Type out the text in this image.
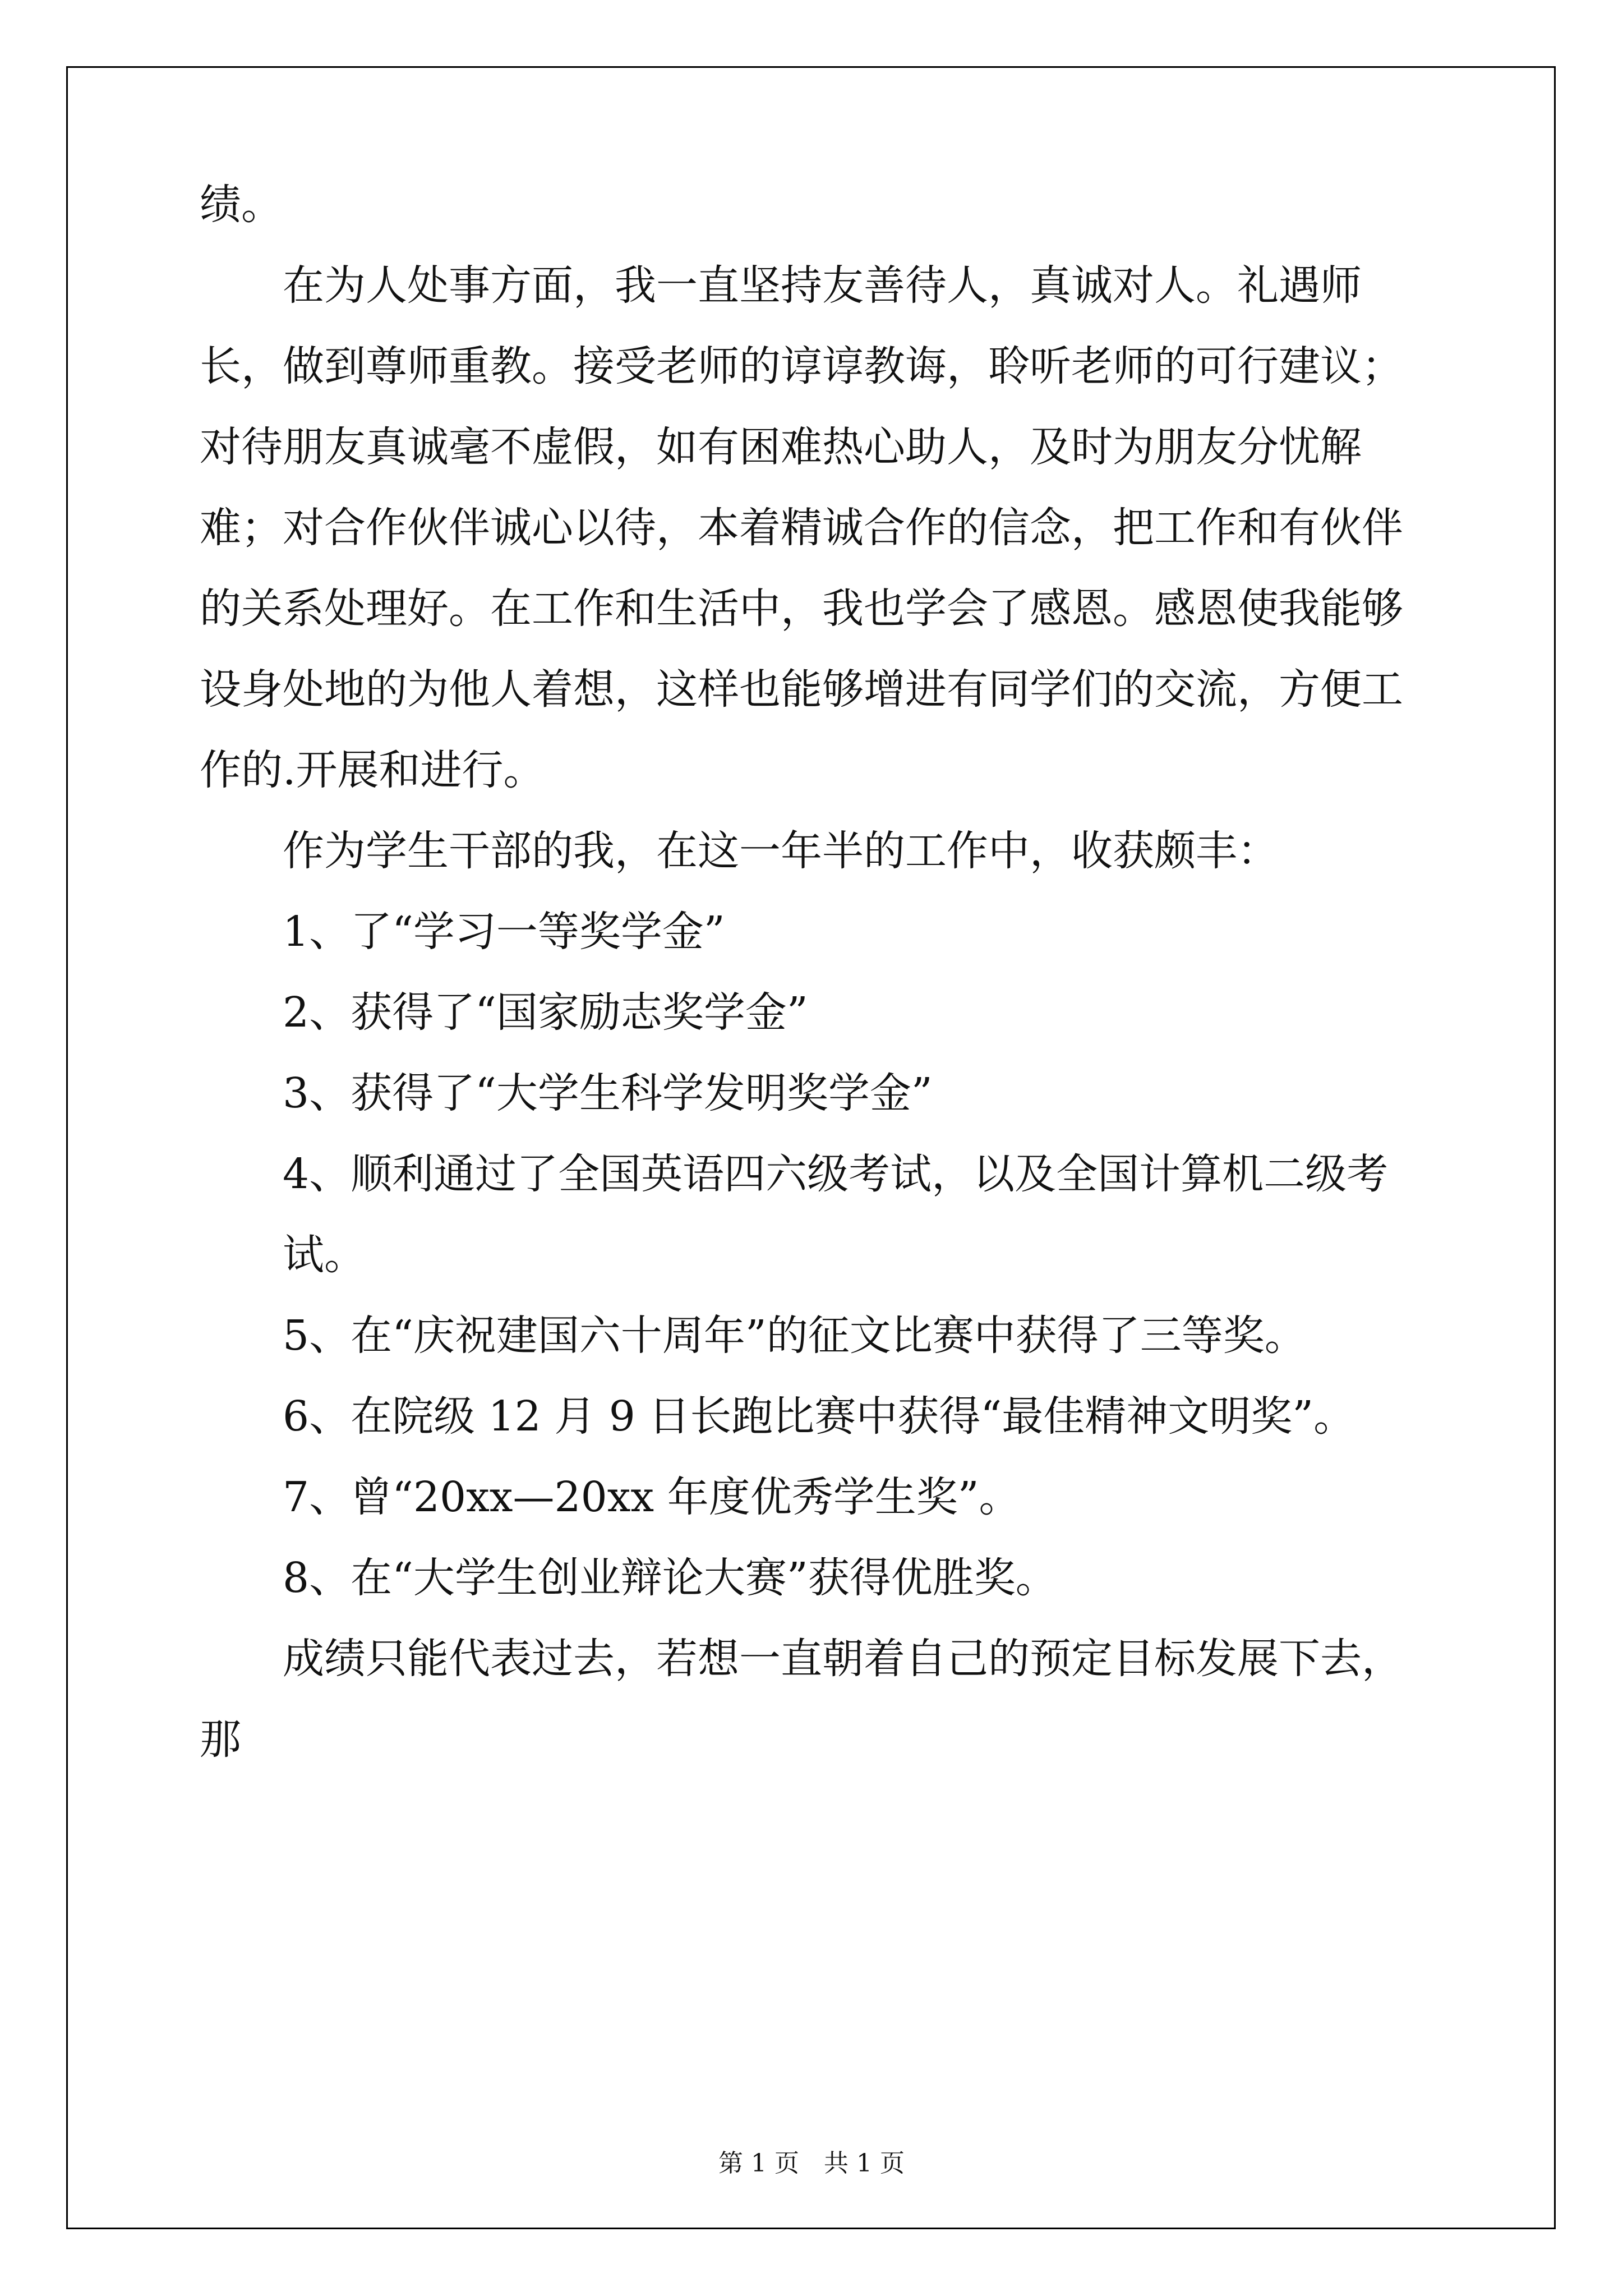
绩。

在为人处事方面，我一直坚持友善待人，真诚对人。礼遇师长，做到尊师重教。接受老师的谆谆教诲，聆听老师的可行建议；对待朋友真诚毫不虚假，如有困难热心助人，及时为朋友分忧解难；对合作伙伴诚心以待，本着精诚合作的信念，把工作和有伙伴的关系处理好。在工作和生活中，我也学会了感恩。感恩使我能够设身处地的为他人着想，这样也能够增进有同学们的交流，方便工作的.开展和进行。

作为学生干部的我，在这一年半的工作中，收获颇丰：

1、了“学习一等奖学金”

2、获得了“国家励志奖学金”

3、获得了“大学生科学发明奖学金”

4、顺利通过了全国英语四六级考试，以及全国计算机二级考试。

5、在“庆祝建国六十周年”的征文比赛中获得了三等奖。

6、在院级 12 月 9 日长跑比赛中获得“最佳精神文明奖”。

7、曾“20xx—20xx 年度优秀学生奖”。

8、在“大学生创业辩论大赛”获得优胜奖。

成绩只能代表过去，若想一直朝着自己的预定目标发展下去，那

第 1 页　共 1 页
